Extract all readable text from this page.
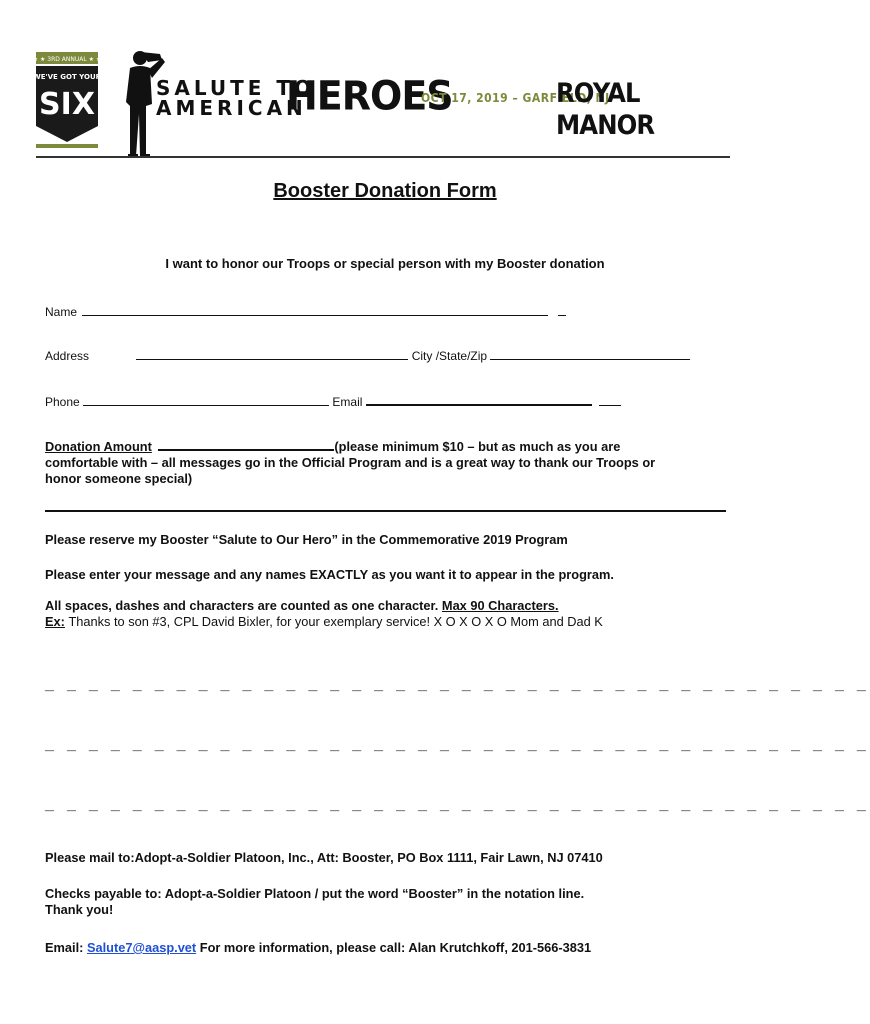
★ ★ 3RD ANNUAL ★ ★
WE'VE GOT YOUR
SIX	SALUTE TO
AMERICAN
HEROES
OCT 17, 2019 – GARFIELD, NJ
ROYAL MANOR
Booster Donation Form
I want to honor our Troops or special person with my Booster donation
Name
Address	City /State/Zip
Phone	Email
Donation Amount	(please minimum $10 – but as much as you are
comfortable with – all messages go in the Official Program and is a great way to thank our Troops or
honor someone special)
Please reserve my Booster “Salute to Our Hero” in the Commemorative 2019 Program
Please enter your message and any names EXACTLY as you want it to appear in the program.
All spaces, dashes and characters are counted as one character. Max 90 Characters.
Ex: Thanks to son #3, CPL David Bixler, for your exemplary service! X O X O X O Mom and Dad K
_ _ _ _ _ _ _ _ _ _ _ _ _ _ _ _ _ _ _ _ _ _ _ _ _ _ _ _ _ _ _ _ _ _ _ _ _ _
_ _ _ _ _ _ _ _ _ _ _ _ _ _ _ _ _ _ _ _ _ _ _ _ _ _ _ _ _ _ _ _ _ _ _ _ _ _
_ _ _ _ _ _ _ _ _ _ _ _ _ _ _ _ _ _ _ _ _ _ _ _ _ _ _ _ _ _ _ _ _ _ _ _ _ _
Please mail to:Adopt-a-Soldier Platoon, Inc., Att: Booster, PO Box 1111, Fair Lawn, NJ 07410
Checks payable to: Adopt-a-Soldier Platoon / put the word “Booster” in the notation line.
Thank you!
Email: Salute7@aasp.vet For more information, please call: Alan Krutchkoff, 201-566-3831
